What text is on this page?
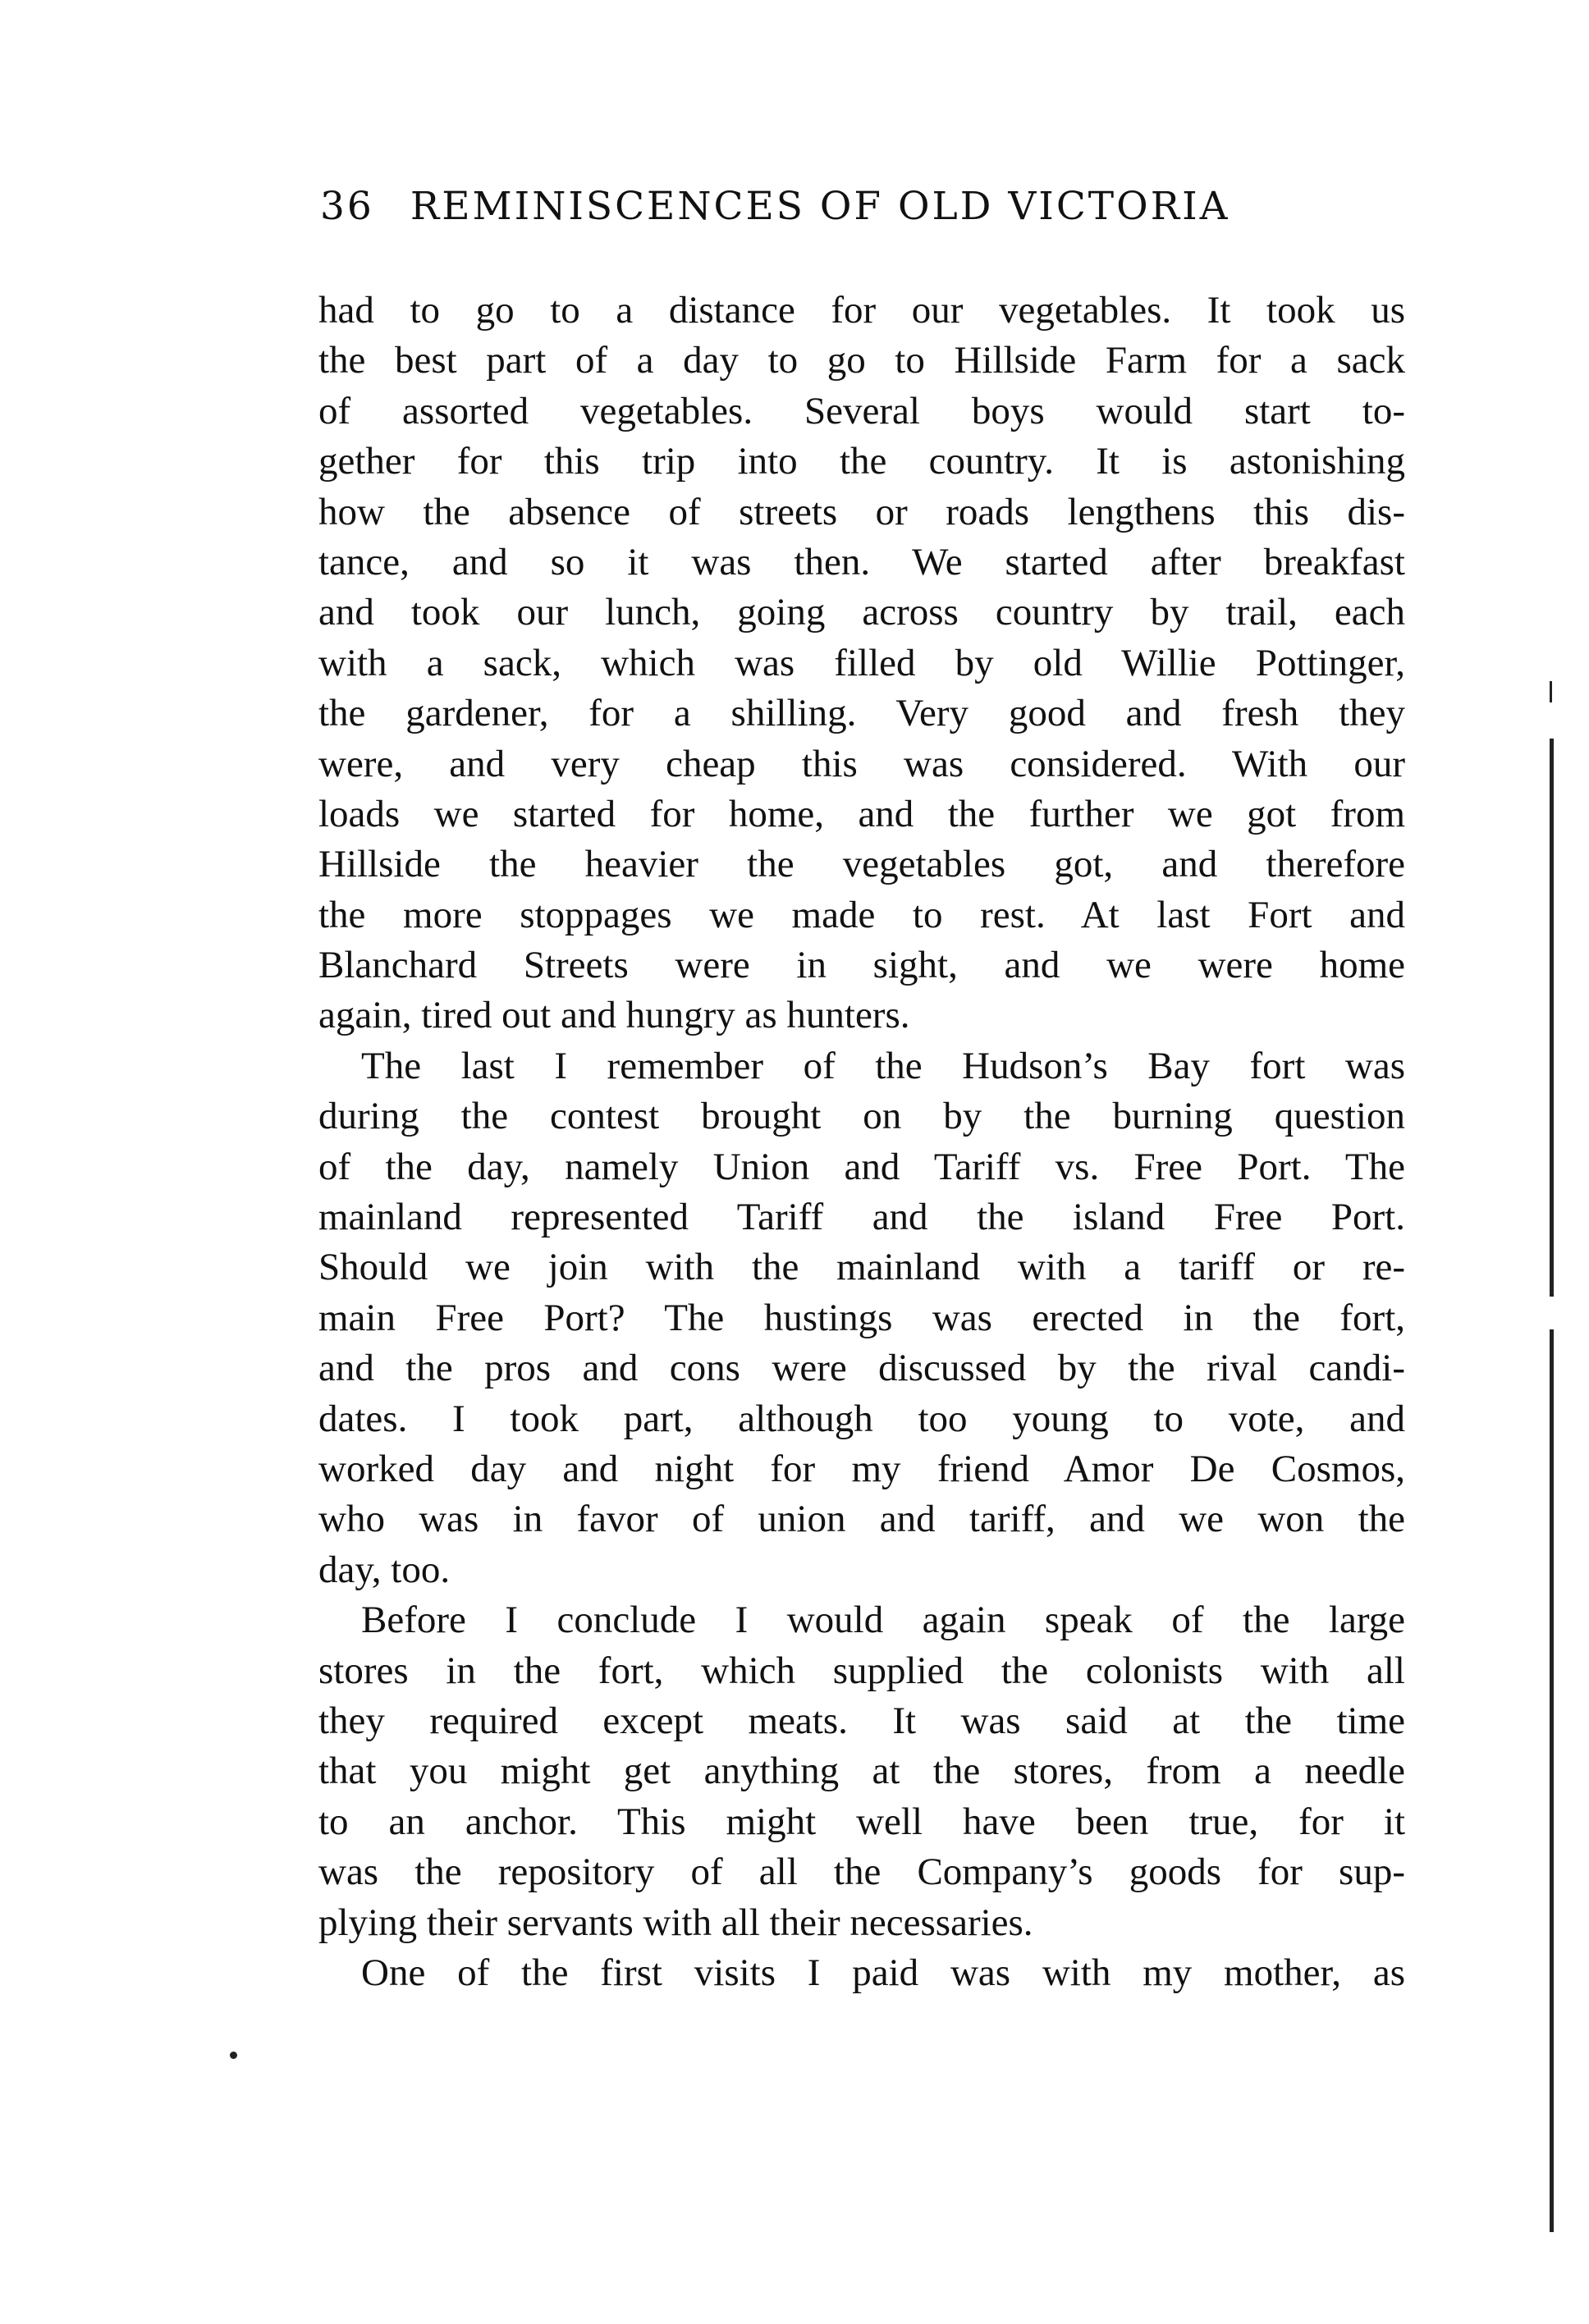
36 REMINISCENCES OF OLD VICTORIA
had to go to a distance for our vegetables. It took us
the best part of a day to go to Hillside Farm for a sack
of assorted vegetables. Several boys would start to-
gether for this trip into the country. It is astonishing
how the absence of streets or roads lengthens this dis-
tance, and so it was then. We started after breakfast
and took our lunch, going across country by trail, each
with a sack, which was filled by old Willie Pottinger,
the gardener, for a shilling. Very good and fresh they
were, and very cheap this was considered. With our
loads we started for home, and the further we got from
Hillside the heavier the vegetables got, and therefore
the more stoppages we made to rest. At last Fort and
Blanchard Streets were in sight, and we were home
again, tired out and hungry as hunters.
The last I remember of the Hudson’s Bay fort was
during the contest brought on by the burning question
of the day, namely Union and Tariff vs. Free Port. The
mainland represented Tariff and the island Free Port.
Should we join with the mainland with a tariff or re-
main Free Port? The hustings was erected in the fort,
and the pros and cons were discussed by the rival candi-
dates. I took part, although too young to vote, and
worked day and night for my friend Amor De Cosmos,
who was in favor of union and tariff, and we won the
day, too.
Before I conclude I would again speak of the large
stores in the fort, which supplied the colonists with all
they required except meats. It was said at the time
that you might get anything at the stores, from a needle
to an anchor. This might well have been true, for it
was the repository of all the Company’s goods for sup-
plying their servants with all their necessaries.
One of the first visits I paid was with my mother, as
